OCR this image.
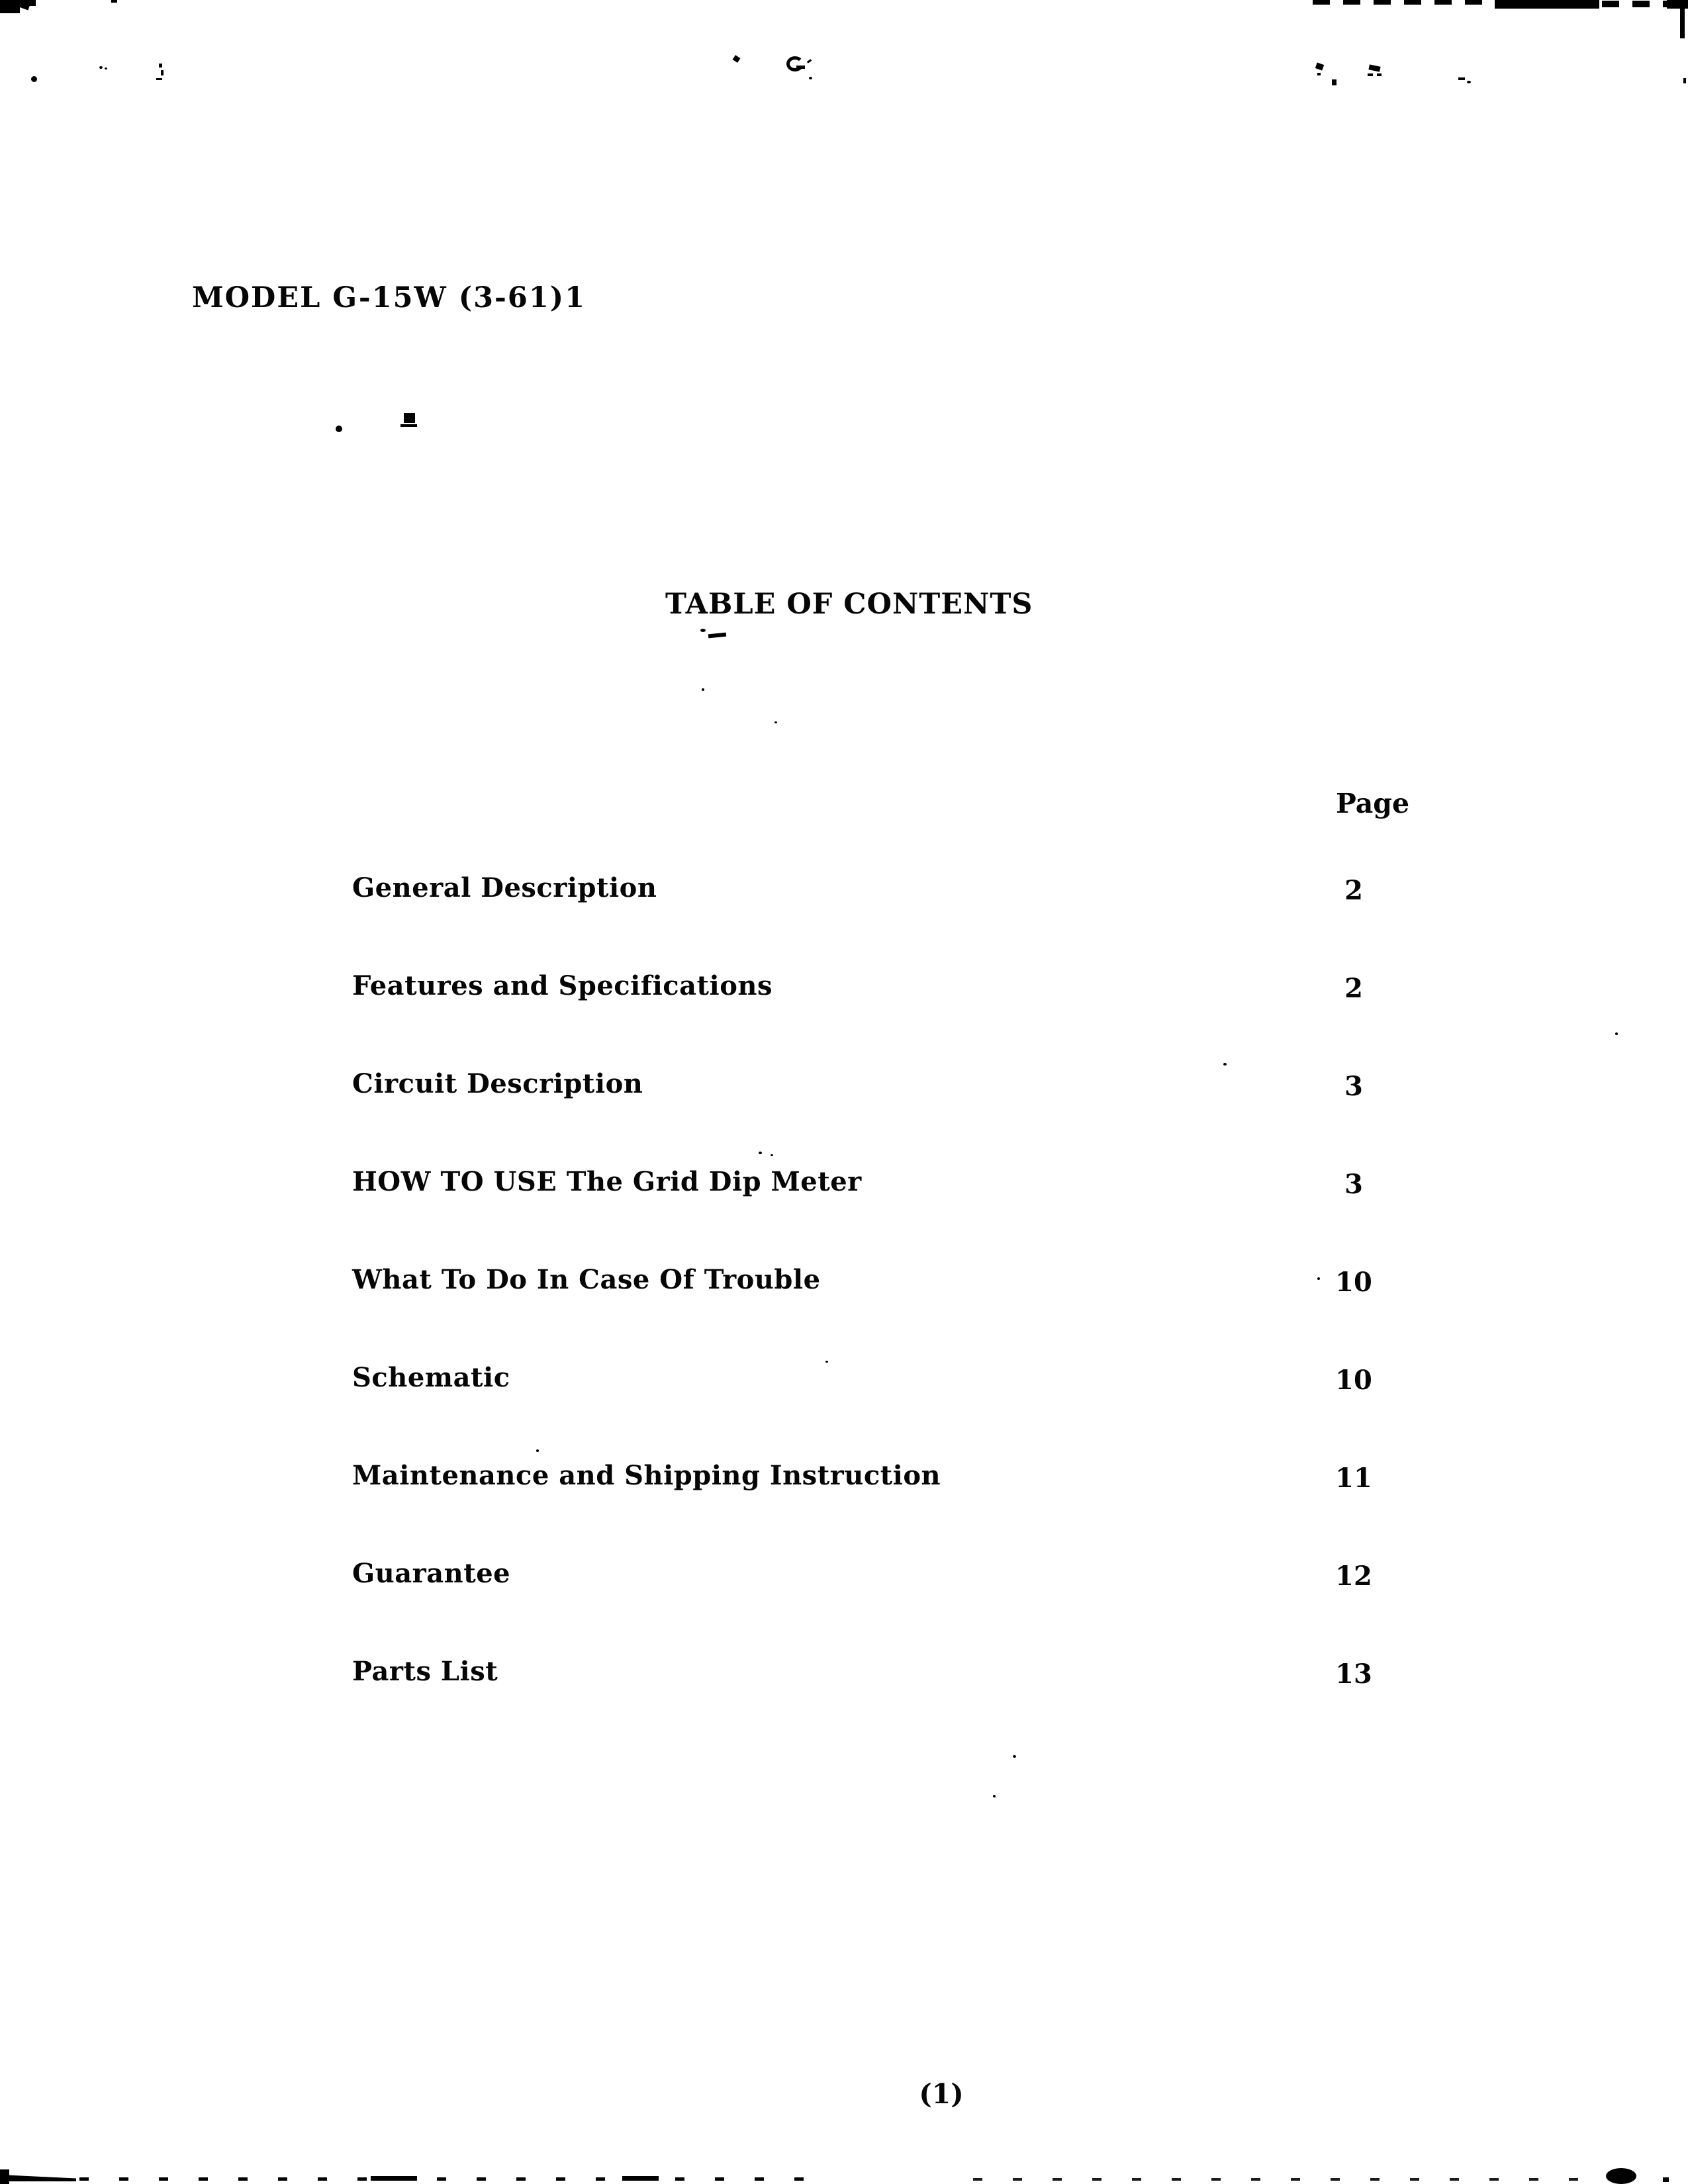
MODEL G-15W (3-61)1
TABLE OF CONTENTS
Page
General Description	2
Features and Specifications	2
Circuit Description	3
HOW TO USE The Grid Dip Meter	3
What To Do In Case Of Trouble	10
Schematic	10
Maintenance and Shipping Instruction	11
Guarantee	12
Parts List	13
(1)
